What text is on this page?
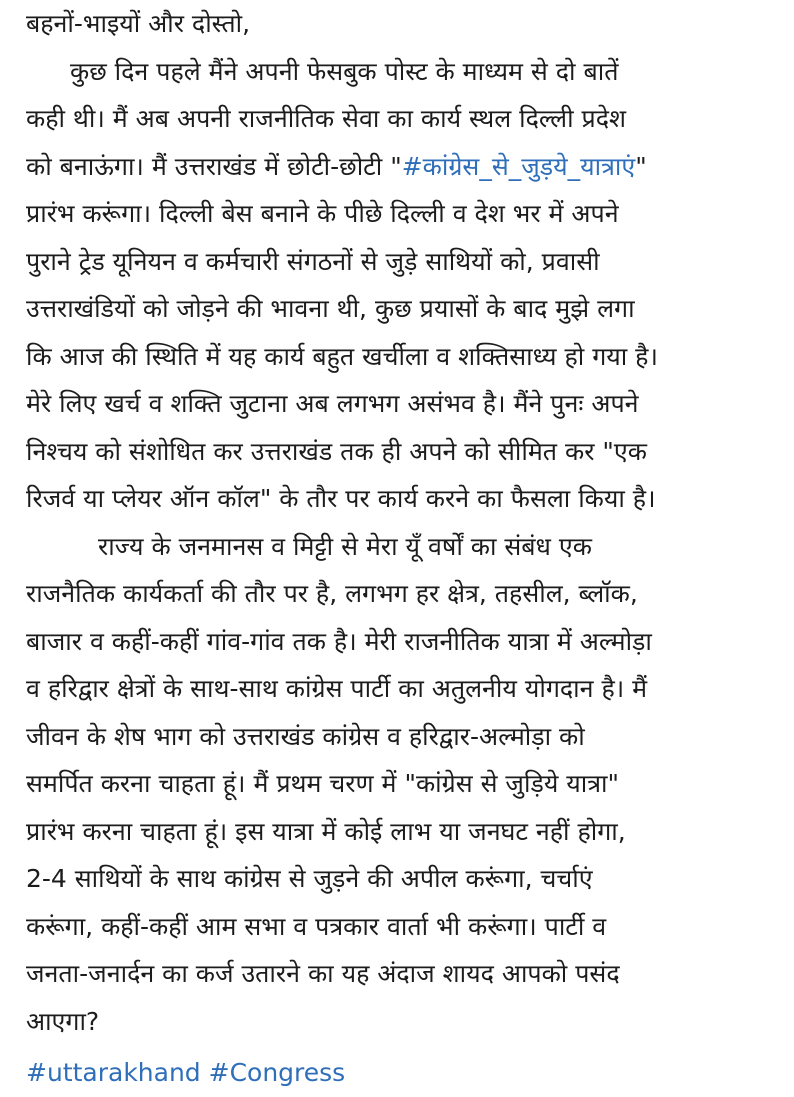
बहनों-भाइयों और दोस्तो,
कुछ दिन पहले मैंने अपनी फेसबुक पोस्ट के माध्यम से दो बातें
कही थी। मैं अब अपनी राजनीतिक सेवा का कार्य स्थल दिल्ली प्रदेश
को बनाऊंगा। मैं उत्तराखंड में छोटी-छोटी "#कांग्रेस_से_जुड़ये_यात्राएं"
प्रारंभ करूंगा। दिल्ली बेस बनाने के पीछे दिल्ली व देश भर में अपने
पुराने ट्रेड यूनियन व कर्मचारी संगठनों से जुड़े साथियों को, प्रवासी
उत्तराखंडियों को जोड़ने की भावना थी, कुछ प्रयासों के बाद मुझे लगा
कि आज की स्थिति में यह कार्य बहुत खर्चीला व शक्तिसाध्य हो गया है।
मेरे लिए खर्च व शक्ति जुटाना अब लगभग असंभव है। मैंने पुनः अपने
निश्चय को संशोधित कर उत्तराखंड तक ही अपने को सीमित कर "एक
रिजर्व या प्लेयर ऑन कॉल" के तौर पर कार्य करने का फैसला किया है।
राज्य के जनमानस व मिट्टी से मेरा यूँ वर्षों का संबंध एक
राजनैतिक कार्यकर्ता की तौर पर है, लगभग हर क्षेत्र, तहसील, ब्लॉक,
बाजार व कहीं-कहीं गांव-गांव तक है। मेरी राजनीतिक यात्रा में अल्मोड़ा
व हरिद्वार क्षेत्रों के साथ-साथ कांग्रेस पार्टी का अतुलनीय योगदान है। मैं
जीवन के शेष भाग को उत्तराखंड कांग्रेस व हरिद्वार-अल्मोड़ा को
समर्पित करना चाहता हूं। मैं प्रथम चरण में "कांग्रेस से जुड़िये यात्रा"
प्रारंभ करना चाहता हूं। इस यात्रा में कोई लाभ या जनघट नहीं होगा,
2-4 साथियों के साथ कांग्रेस से जुड़ने की अपील करूंगा, चर्चाएं
करूंगा, कहीं-कहीं आम सभा व पत्रकार वार्ता भी करूंगा। पार्टी व
जनता-जनार्दन का कर्ज उतारने का यह अंदाज शायद आपको पसंद
आएगा?
#uttarakhand #Congress
